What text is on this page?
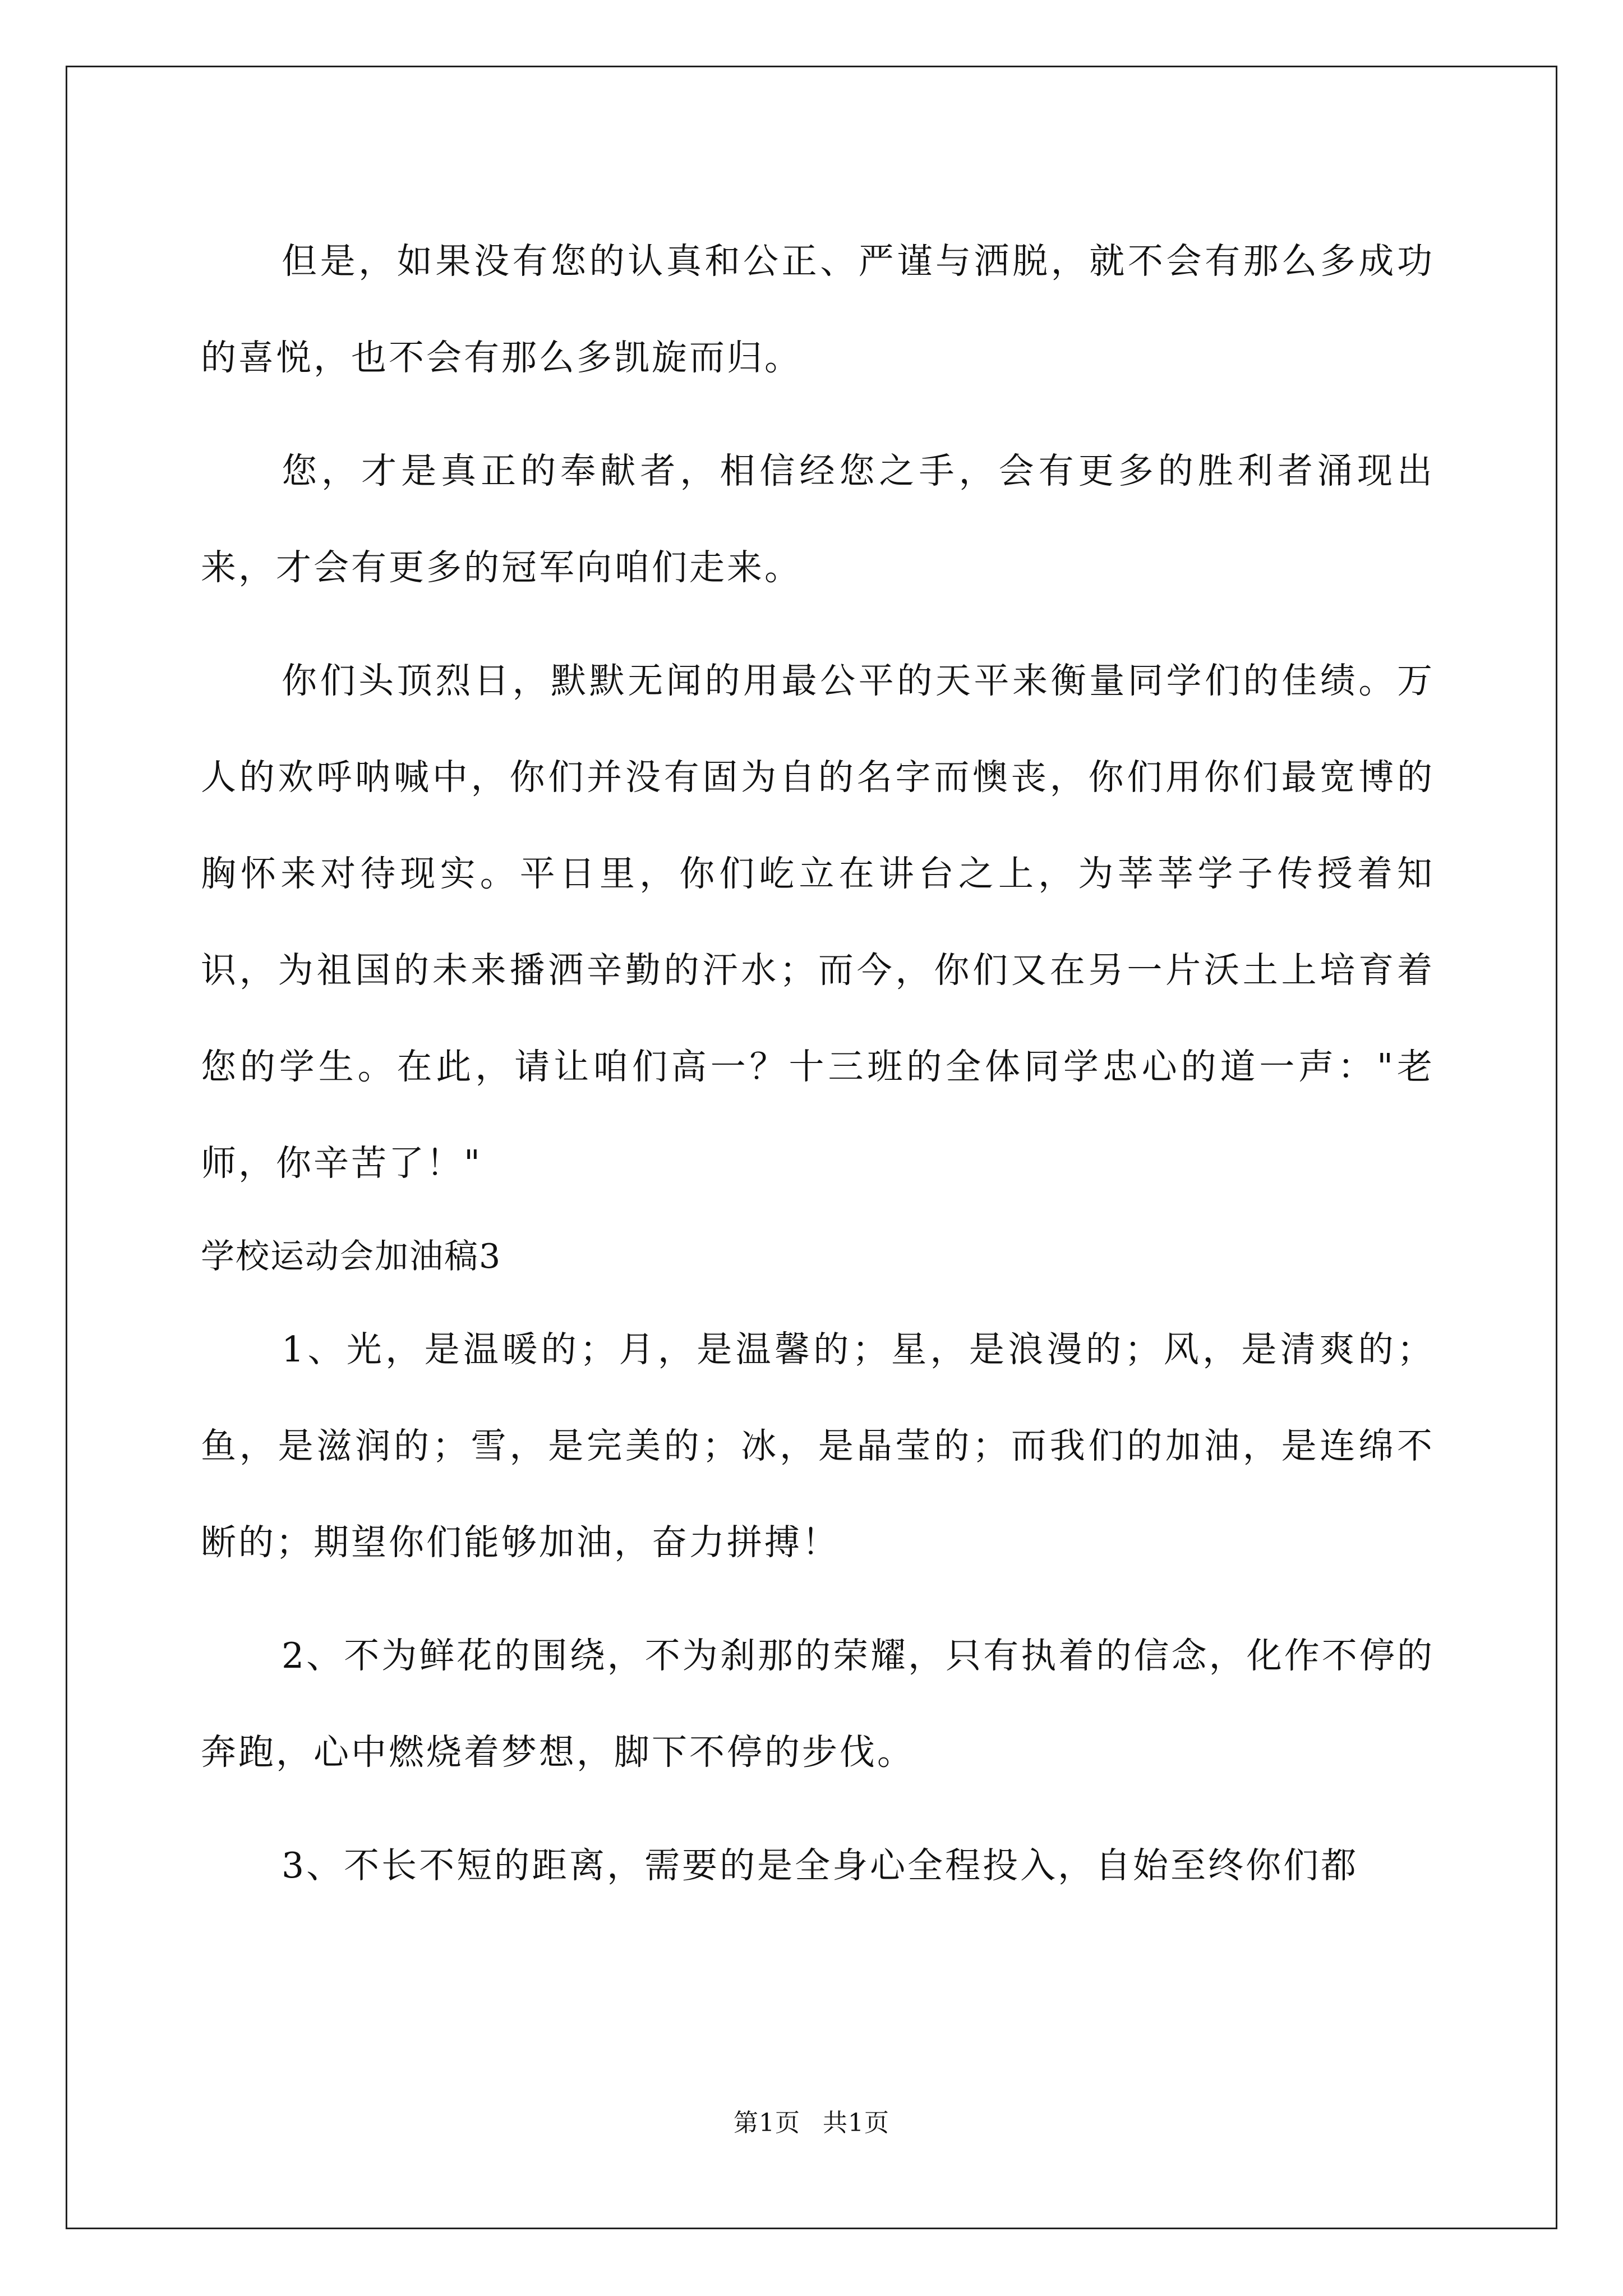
但是，如果没有您的认真和公正、严谨与洒脱，就不会有那么多成功的喜悦，也不会有那么多凯旋而归。

您，才是真正的奉献者，相信经您之手，会有更多的胜利者涌现出来，才会有更多的冠军向咱们走来。

你们头顶烈日，默默无闻的用最公平的天平来衡量同学们的佳绩。万人的欢呼呐喊中，你们并没有固为自的名字而懊丧，你们用你们最宽博的胸怀来对待现实。平日里，你们屹立在讲台之上，为莘莘学子传授着知识，为祖国的未来播洒辛勤的汗水；而今，你们又在另一片沃土上培育着您的学生。在此，请让咱们高一？十三班的全体同学忠心的道一声："老师，你辛苦了！"

学校运动会加油稿3

1、光，是温暖的；月，是温馨的；星，是浪漫的；风，是清爽的；鱼，是滋润的；雪，是完美的；冰，是晶莹的；而我们的加油，是连绵不断的；期望你们能够加油，奋力拼搏！

2、不为鲜花的围绕，不为刹那的荣耀，只有执着的信念，化作不停的奔跑，心中燃烧着梦想，脚下不停的步伐。

3、不长不短的距离，需要的是全身心全程投入，自始至终你们都

第1页 共1页
